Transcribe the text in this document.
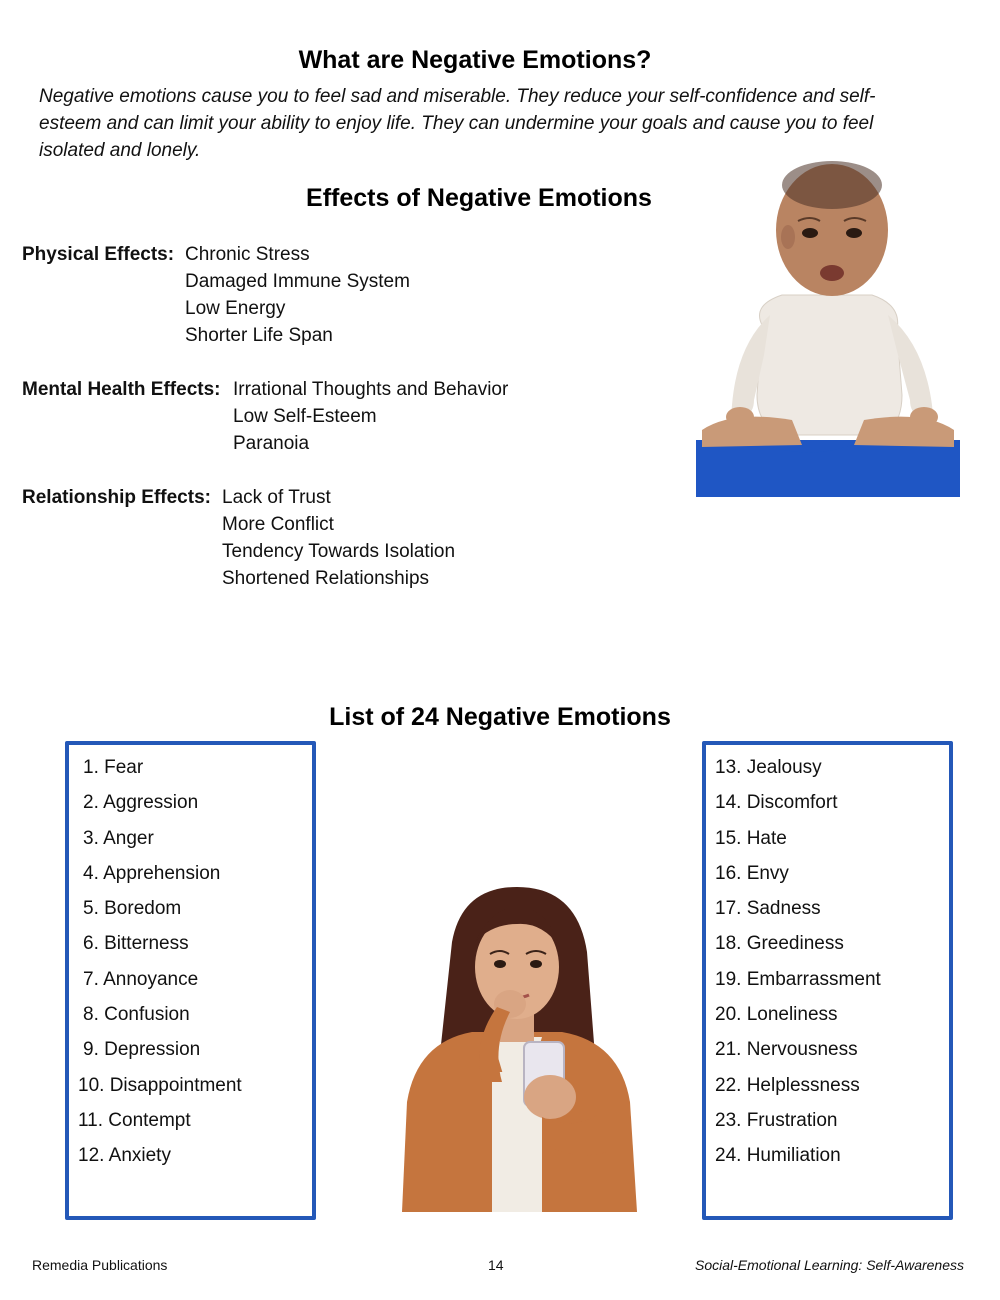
What are Negative Emotions?
Negative emotions cause you to feel sad and miserable. They reduce your self-confidence and self-esteem and can limit your ability to enjoy life. They can undermine your goals and cause you to feel isolated and lonely.
Effects of Negative Emotions
Physical Effects: Chronic Stress
Damaged Immune System
Low Energy
Shorter Life Span
Mental Health Effects: Irrational Thoughts and Behavior
Low Self-Esteem
Paranoia
Relationship Effects: Lack of Trust
More Conflict
Tendency Towards Isolation
Shortened Relationships
List of 24 Negative Emotions
1. Fear
2. Aggression
3. Anger
4. Apprehension
5. Boredom
6. Bitterness
7. Annoyance
8. Confusion
9. Depression
10. Disappointment
11. Contempt
12. Anxiety
13. Jealousy
14. Discomfort
15. Hate
16. Envy
17. Sadness
18. Greediness
19. Embarrassment
20. Loneliness
21. Nervousness
22. Helplessness
23. Frustration
24. Humiliation
Remedia Publications	14	Social-Emotional Learning: Self-Awareness
